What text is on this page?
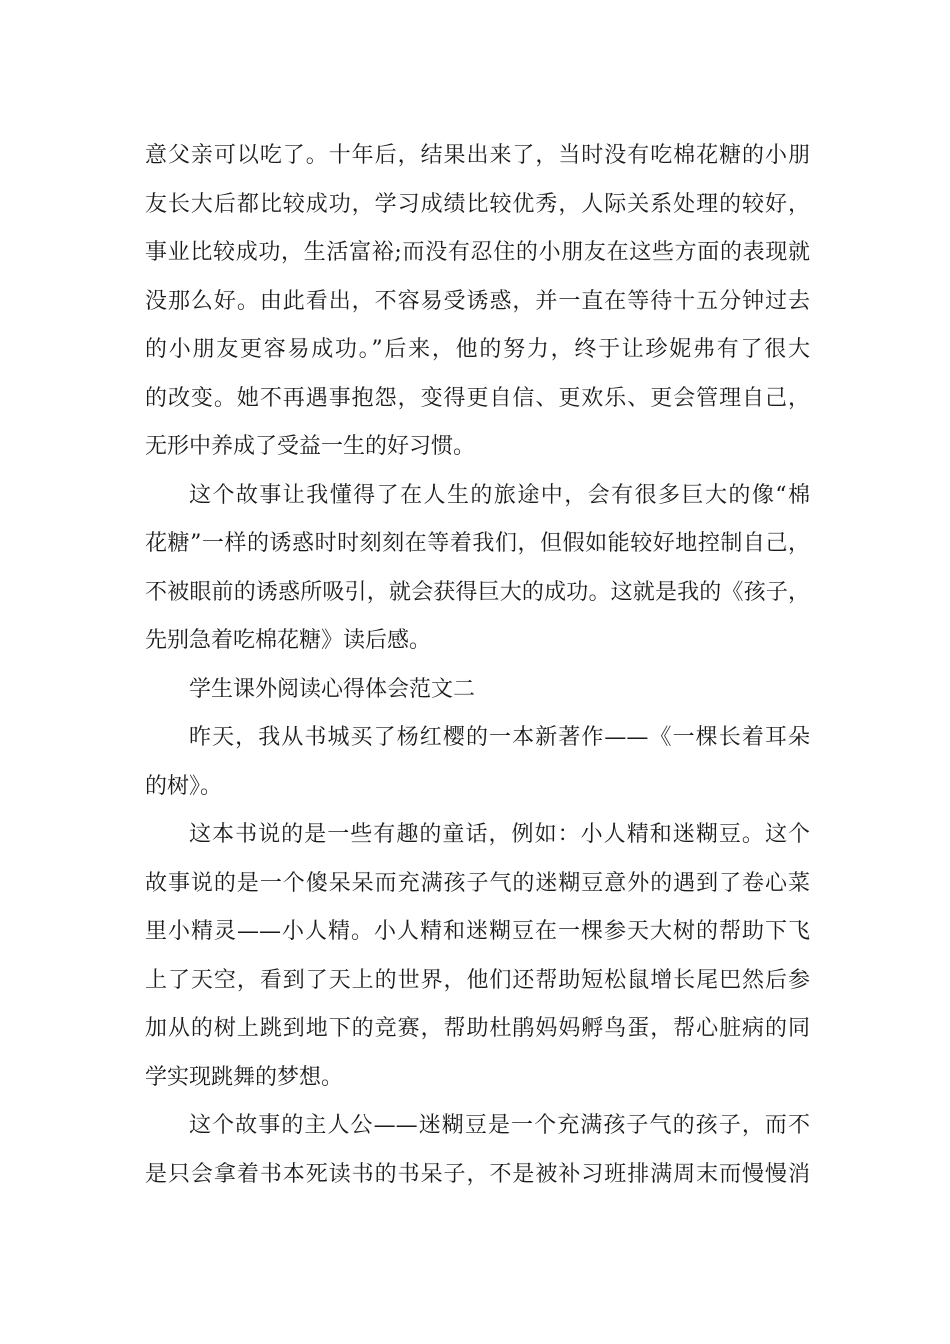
意父亲可以吃了。十年后，结果出来了，当时没有吃棉花糖的小朋
友长大后都比较成功，学习成绩比较优秀，人际关系处理的较好，
事业比较成功，生活富裕;而没有忍住的小朋友在这些方面的表现就
没那么好。由此看出，不容易受诱惑，并一直在等待十五分钟过去
的小朋友更容易成功。”后来，他的努力，终于让珍妮弗有了很大
的改变。她不再遇事抱怨，变得更自信、更欢乐、更会管理自己，
无形中养成了受益一生的好习惯。
这个故事让我懂得了在人生的旅途中，会有很多巨大的像“棉
花糖”一样的诱惑时时刻刻在等着我们，但假如能较好地控制自己，
不被眼前的诱惑所吸引，就会获得巨大的成功。这就是我的《孩子，
先别急着吃棉花糖》读后感。
学生课外阅读心得体会范文二
昨天，我从书城买了杨红樱的一本新著作——《一棵长着耳朵
的树》。
这本书说的是一些有趣的童话，例如：小人精和迷糊豆。这个
故事说的是一个傻呆呆而充满孩子气的迷糊豆意外的遇到了卷心菜
里小精灵——小人精。小人精和迷糊豆在一棵参天大树的帮助下飞
上了天空，看到了天上的世界，他们还帮助短松鼠增长尾巴然后参
加从的树上跳到地下的竞赛，帮助杜鹃妈妈孵鸟蛋，帮心脏病的同
学实现跳舞的梦想。
这个故事的主人公——迷糊豆是一个充满孩子气的孩子，而不
是只会拿着书本死读书的书呆子，不是被补习班排满周末而慢慢消
